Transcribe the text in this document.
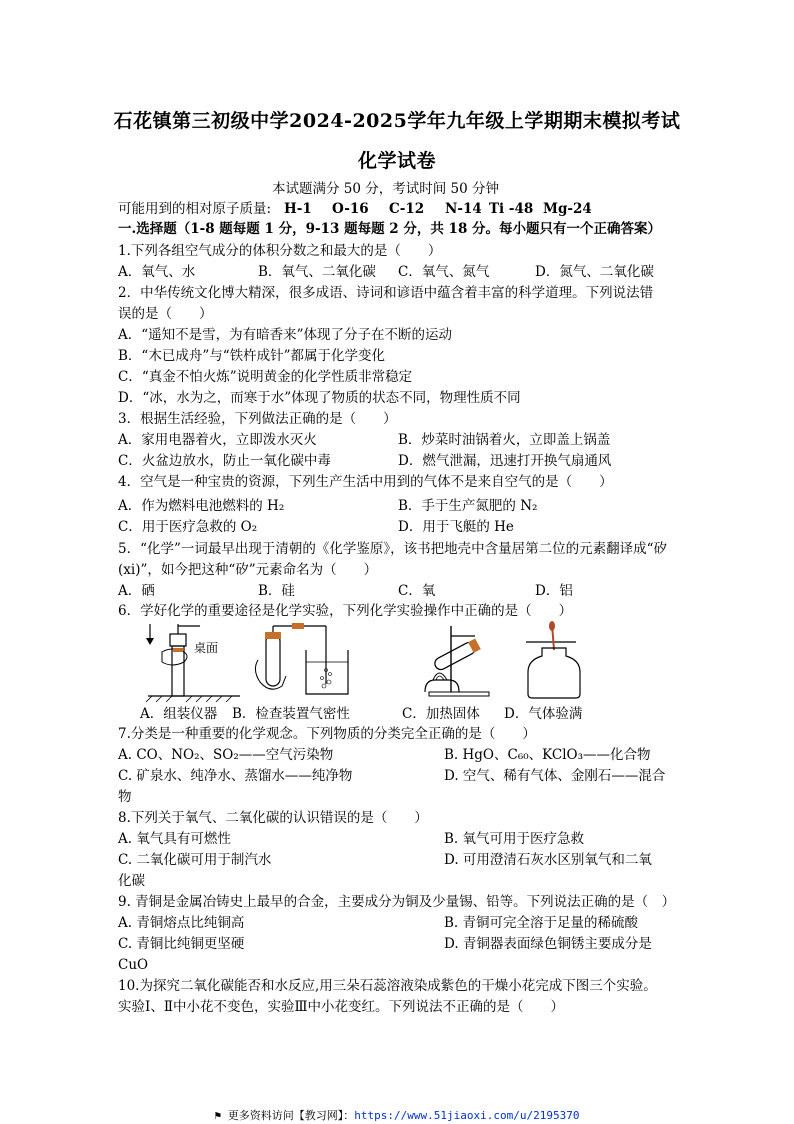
石花镇第三初级中学2024-2025学年九年级上学期期末模拟考试
化学试卷
本试题满分 50 分，考试时间 50 分钟
可能用到的相对原子质量: H-1 O-16 C-12 N-14 Ti -48 Mg-24
一.选择题（1-8 题每题 1 分，9-13 题每题 2 分，共 18 分。每小题只有一个正确答案）
1.下列各组空气成分的体积分数之和最大的是（　　）
A．氧气、水	B．氧气、二氧化碳 C．氧气、氮气	D．氮气、二氧化碳
2．中华传统文化博大精深，很多成语、诗词和谚语中蕴含着丰富的科学道理。下列说法错
误的是（　　）
A．“遥知不是雪，为有暗香来”体现了分子在不断的运动
B．“木已成舟”与“铁杵成针”都属于化学变化
C．“真金不怕火炼”说明黄金的化学性质非常稳定
D．“冰，水为之，而寒于水”体现了物质的状态不同，物理性质不同
3．根据生活经验，下列做法正确的是（　　）
A．家用电器着火，立即泼水灭火	B．炒菜时油锅着火，立即盖上锅盖
C．火盆边放水，防止一氧化碳中毒	D．燃气泄漏，迅速打开换气扇通风
4．空气是一种宝贵的资源，下列生产生活中用到的气体不是来自空气的是（　　）
A．作为燃料电池燃料的 H₂	B．手于生产氮肥的 N₂
C．用于医疗急救的 O₂	D．用于飞艇的 He
5．“化学”一词最早出现于清朝的《化学鉴原》，该书把地壳中含量居第二位的元素翻译成“矽
(xi)”，如今把这种“矽”元素命名为（　　）
A．硒	B．硅	C．氧	D．铝
6．学好化学的重要途径是化学实验，下列化学实验操作中正确的是（　　）
桌面
A．组装仪器 B．检查装置气密性	C．加热固体 D．气体验满
7.分类是一种重要的化学观念。下列物质的分类完全正确的是（　　）
A. CO、NO₂、SO₂——空气污染物	B. HgO、C₆₀、KClO₃——化合物
C. 矿泉水、纯净水、蒸馏水——纯净物	D. 空气、稀有气体、金刚石——混合
物
8.下列关于氧气、二氧化碳的认识错误的是（　　）
A. 氧气具有可燃性	B. 氧气可用于医疗急救
C. 二氧化碳可用于制汽水	D. 可用澄清石灰水区别氧气和二氧
化碳
9. 青铜是金属冶铸史上最早的合金，主要成分为铜及少量锡、铅等。下列说法正确的是（　）
A. 青铜熔点比纯铜高	B. 青铜可完全溶于足量的稀硫酸
C. 青铜比纯铜更坚硬	D. 青铜器表面绿色铜锈主要成分是
CuO
10.为探究二氧化碳能否和水反应,用三朵石蕊溶液染成紫色的干燥小花完成下图三个实验。
实验Ⅰ、Ⅱ中小花不变色，实验Ⅲ中小花变红。下列说法不正确的是（　　）
⚑ 更多资料访问【教习网】：https://www.51jiaoxi.com/u/2195370
